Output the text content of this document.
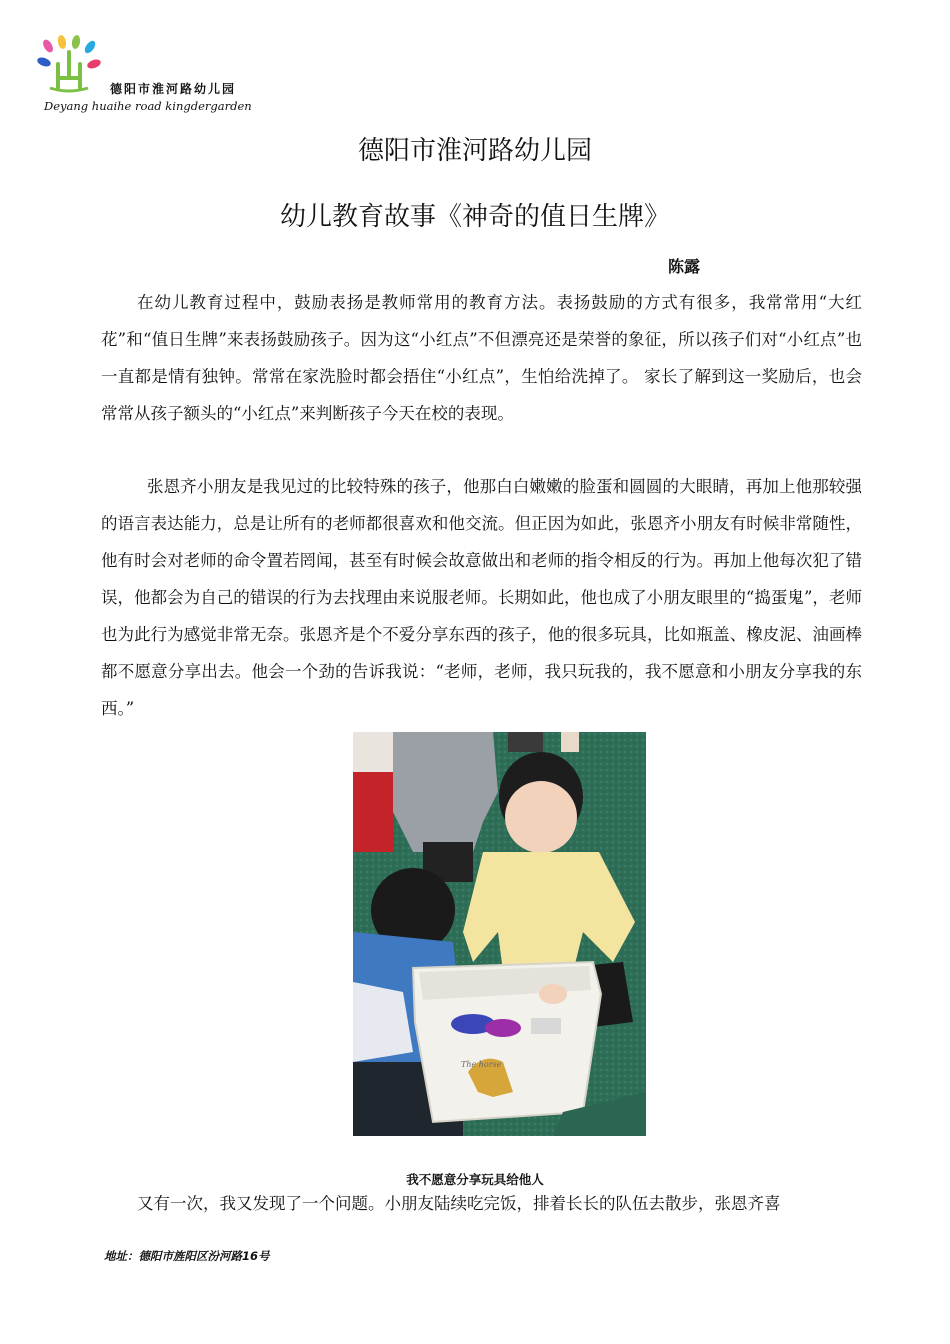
德阳市淮河路幼儿园
Deyang huaihe road kingdergarden
德阳市淮河路幼儿园
幼儿教育故事《神奇的值日生牌》
陈露

在幼儿教育过程中，鼓励表扬是教师常用的教育方法。表扬鼓励的方式有很多，我常常用“大红花”和“值日生牌”来表扬鼓励孩子。因为这“小红点”不但漂亮还是荣誉的象征，所以孩子们对“小红点”也一直都是情有独钟。常常在家洗脸时都会捂住“小红点”，生怕给洗掉了。 家长了解到这一奖励后，也会常常从孩子额头的“小红点”来判断孩子今天在校的表现。

张恩齐小朋友是我见过的比较特殊的孩子，他那白白嫩嫩的脸蛋和圆圆的大眼睛，再加上他那较强的语言表达能力，总是让所有的老师都很喜欢和他交流。但正因为如此，张恩齐小朋友有时候非常随性，他有时会对老师的命令置若罔闻，甚至有时候会故意做出和老师的指令相反的行为。再加上他每次犯了错误，他都会为自己的错误的行为去找理由来说服老师。长期如此，他也成了小朋友眼里的“捣蛋鬼”，老师也为此行为感觉非常无奈。张恩齐是个不爱分享东西的孩子，他的很多玩具，比如瓶盖、橡皮泥、油画棒都不愿意分享出去。他会一个劲的告诉我说：“老师，老师，我只玩我的，我不愿意和小朋友分享我的东西。”

The horse
我不愿意分享玩具给他人

又有一次，我又发现了一个问题。小朋友陆续吃完饭，排着长长的队伍去散步，张恩齐喜

地址：德阳市旌阳区汾河路16号
